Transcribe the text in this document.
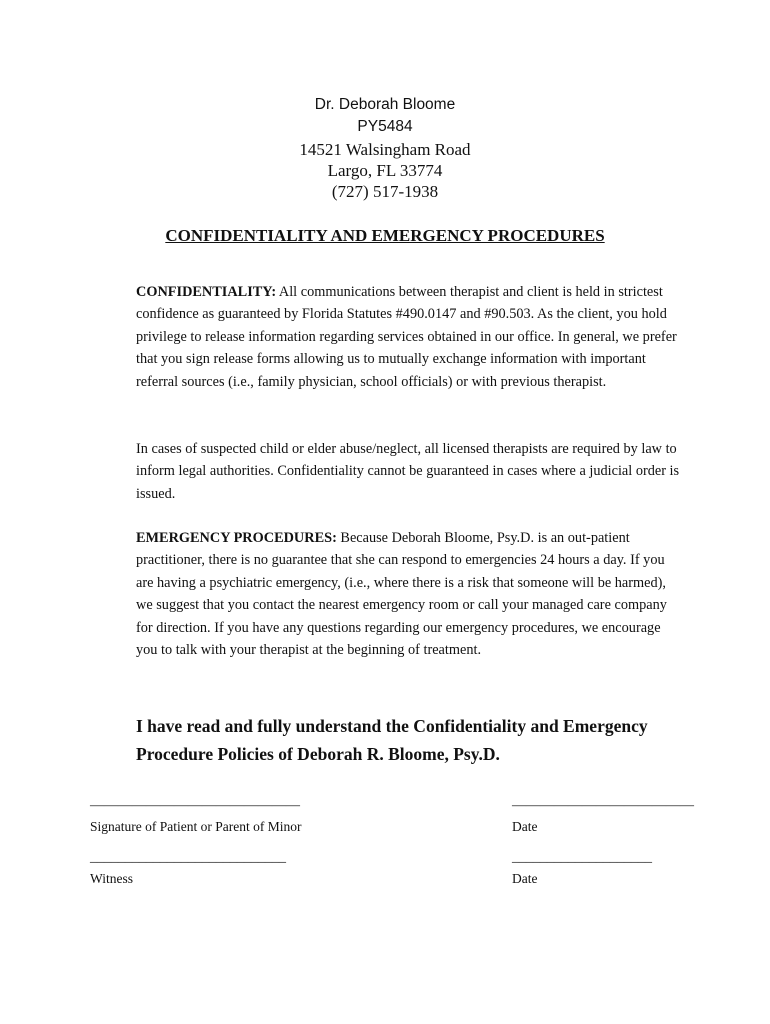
Dr. Deborah Bloome
PY5484
14521 Walsingham Road
Largo, FL 33774
(727) 517-1938
CONFIDENTIALITY AND EMERGENCY PROCEDURES

CONFIDENTIALITY: All communications between therapist and client is held in strictest confidence as guaranteed by Florida Statutes #490.0147 and #90.503. As the client, you hold privilege to release information regarding services obtained in our office. In general, we prefer that you sign release forms allowing us to mutually exchange information with important referral sources (i.e., family physician, school officials) or with previous therapist.

In cases of suspected child or elder abuse/neglect, all licensed therapists are required by law to inform legal authorities. Confidentiality cannot be guaranteed in cases where a judicial order is issued.

EMERGENCY PROCEDURES: Because Deborah Bloome, Psy.D. is an out-patient practitioner, there is no guarantee that she can respond to emergencies 24 hours a day. If you are having a psychiatric emergency, (i.e., where there is a risk that someone will be harmed), we suggest that you contact the nearest emergency room or call your managed care company for direction. If you have any questions regarding our emergency procedures, we encourage you to talk with your therapist at the beginning of treatment.

I have read and fully understand the Confidentiality and Emergency Procedure Policies of Deborah R. Bloome, Psy.D.

———————————————
Signature of Patient or Parent of Minor
—————————————
Date
____________________________
Witness
____________________
Date
